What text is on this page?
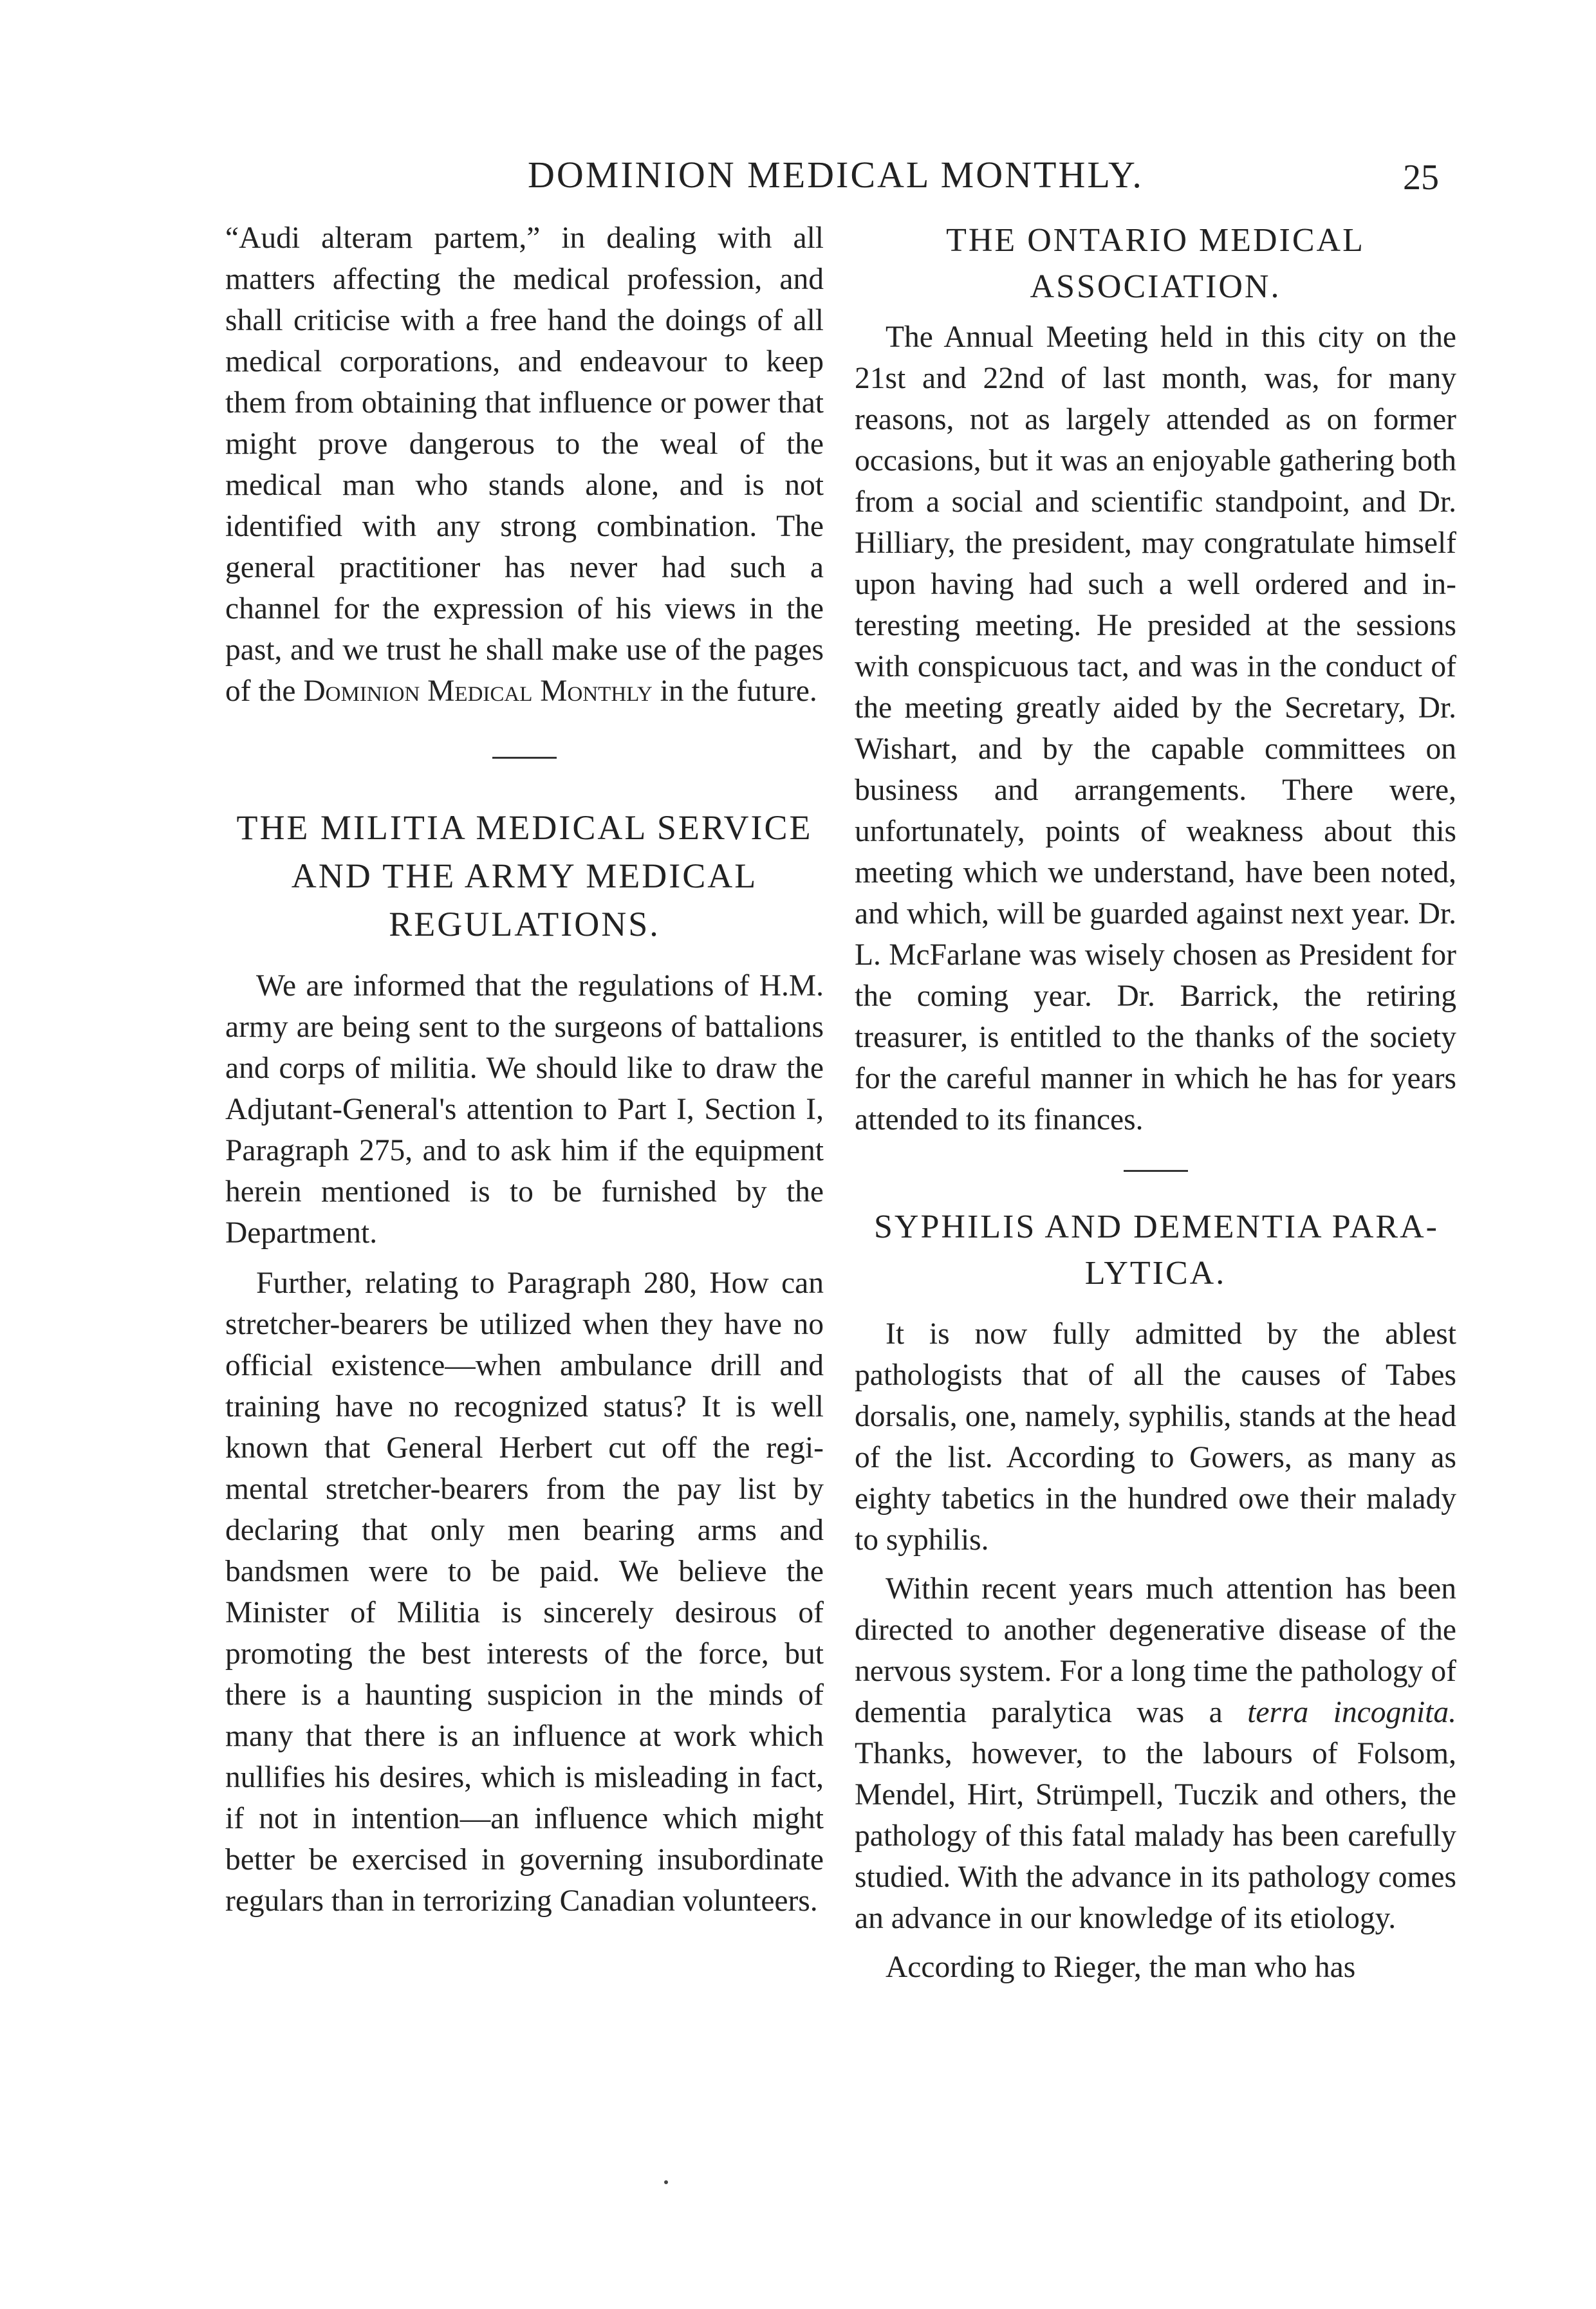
DOMINION MEDICAL MONTHLY.	25

“Audi alteram partem,” in dealing with all matters affecting the medical profession, and shall criticise with a free hand the doings of all medical corporations, and endeavour to keep them from obtaining that influence or power that might prove dangerous to the weal of the medical man who stands alone, and is not identified with any strong combination. The general practitioner has never had such a channel for the expression of his views in the past, and we trust he shall make use of the pages of the Dominion Medical Monthly in the future.

THE MILITIA MEDICAL SERVICE AND THE ARMY MEDICAL REGULATIONS.

We are informed that the regulations of H.M. army are being sent to the surgeons of battalions and corps of militia. We should like to draw the Adjutant-General's attention to Part I, Section I, Paragraph 275, and to ask him if the equipment herein mentioned is to be furnished by the Department.

Further, relating to Paragraph 280, How can stretcher-bearers be utilized when they have no official existence—when ambulance drill and training have no recognized status? It is well known that General Herbert cut off the regimental stretcher-bearers from the pay list by declaring that only men bearing arms and bandsmen were to be paid. We believe the Minister of Militia is sincerely desirous of promoting the best interests of the force, but there is a haunting suspicion in the minds of many that there is an influence at work which nullifies his desires, which is misleading in fact, if not in intention—an influence which might better be exercised in governing insubordinate regulars than in terrorizing Canadian volunteers.

THE ONTARIO MEDICAL ASSOCIATION.

The Annual Meeting held in this city on the 21st and 22nd of last month, was, for many reasons, not as largely attended as on former occasions, but it was an enjoyable gathering both from a social and scientific standpoint, and Dr. Hilliary, the president, may congratulate himself upon having had such a well ordered and interesting meeting. He presided at the sessions with conspicuous tact, and was in the conduct of the meeting greatly aided by the Secretary, Dr. Wishart, and by the capable committees on business and arrangements. There were, unfortunately, points of weakness about this meeting which we understand, have been noted, and which, will be guarded against next year. Dr. L. McFarlane was wisely chosen as President for the coming year. Dr. Barrick, the retiring treasurer, is entitled to the thanks of the society for the careful manner in which he has for years attended to its finances.

SYPHILIS AND DEMENTIA PARALYTICA.

It is now fully admitted by the ablest pathologists that of all the causes of Tabes dorsalis, one, namely, syphilis, stands at the head of the list. According to Gowers, as many as eighty tabetics in the hundred owe their malady to syphilis.

Within recent years much attention has been directed to another degenerative disease of the nervous system. For a long time the pathology of dementia paralytica was a terra incognita. Thanks, however, to the labours of Folsom, Mendel, Hirt, Strümpell, Tuczik and others, the pathology of this fatal malady has been carefully studied. With the advance in its pathology comes an advance in our knowledge of its etiology.

According to Rieger, the man who has
